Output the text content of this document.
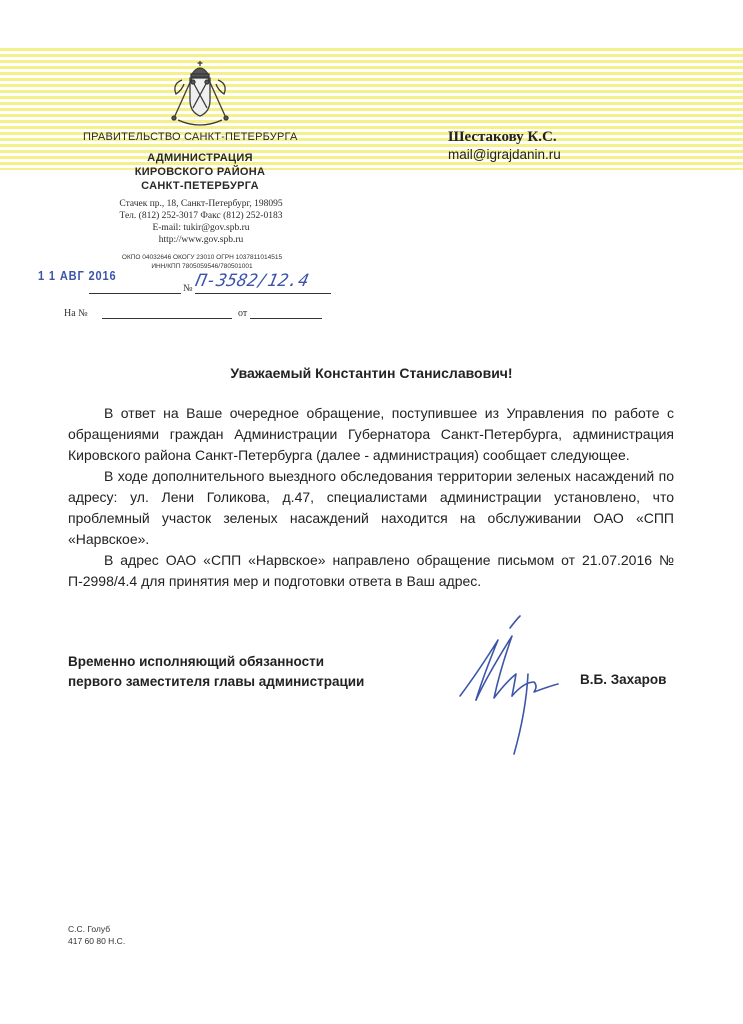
ПРАВИТЕЛЬСТВО САНКТ-ПЕТЕРБУРГА
АДМИНИСТРАЦИЯ
КИРОВСКОГО РАЙОНА
САНКТ-ПЕТЕРБУРГА
Стачек пр., 18, Санкт-Петербург, 198095
Тел. (812) 252-3017 Факс (812) 252-0183
E-mail: tukir@gov.spb.ru
http://www.gov.spb.ru
ОКПО 04032646 ОКОГУ 23010 ОГРН 1037811014515
ИНН/КПП 7805059546/780501001
1 1 АВГ 2016
№ П-3582/12.4
На №	от
Шестакову К.С.
mail@igrajdanin.ru
Уважаемый Константин Станиславович!

В ответ на Ваше очередное обращение, поступившее из Управления по работе с обращениями граждан Администрации Губернатора Санкт-Петербурга, администрация Кировского района Санкт-Петербурга (далее - администрация) сообщает следующее.

В ходе дополнительного выездного обследования территории зеленых насаждений по адресу: ул. Лени Голикова, д.47, специалистами администрации установлено, что проблемный участок зеленых насаждений находится на обслуживании ОАО «СПП «Нарвское».

В адрес ОАО «СПП «Нарвское» направлено обращение письмом от 21.07.2016 № П-2998/4.4 для принятия мер и подготовки ответа в Ваш адрес.

Временно исполняющий обязанности
первого заместителя главы администрации	В.Б. Захаров
С.С. Голуб
417 60 80 Н.С.
